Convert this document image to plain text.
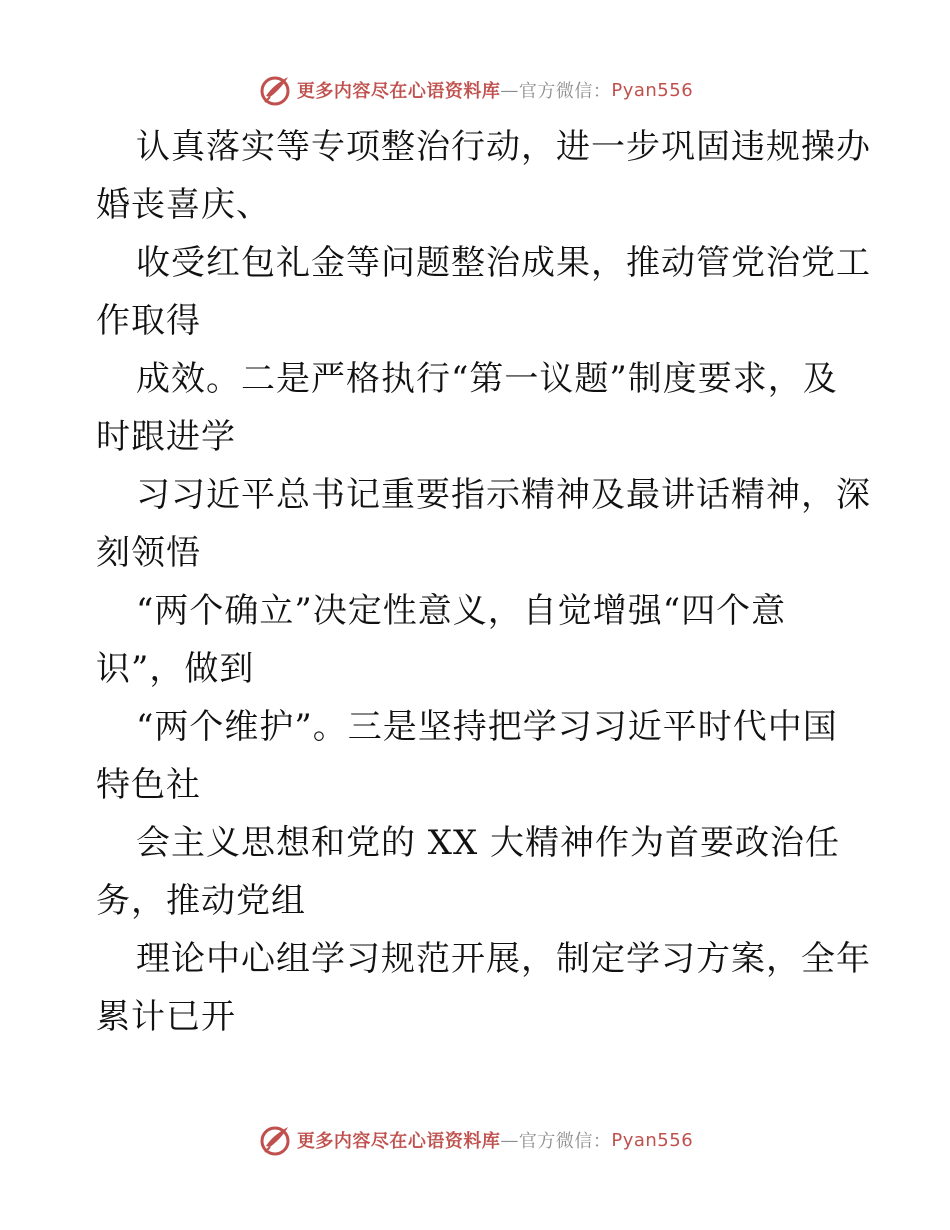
更多内容尽在心语资料库 — 官方微信： Pyan556
认真落实等专项整治行动，进一步巩固违规操办
婚丧喜庆、
收受红包礼金等问题整治成果，推动管党治党工
作取得
成效。二是严格执行“第一议题”制度要求，及
时跟进学
习习近平总书记重要指示精神及最讲话精神，深
刻领悟
“两个确立”决定性意义，自觉增强“四个意
识”，做到
“两个维护”。三是坚持把学习习近平时代中国
特色社
会主义思想和党的 XX 大精神作为首要政治任
务，推动党组
理论中心组学习规范开展，制定学习方案，全年
累计已开
更多内容尽在心语资料库 — 官方微信： Pyan556
